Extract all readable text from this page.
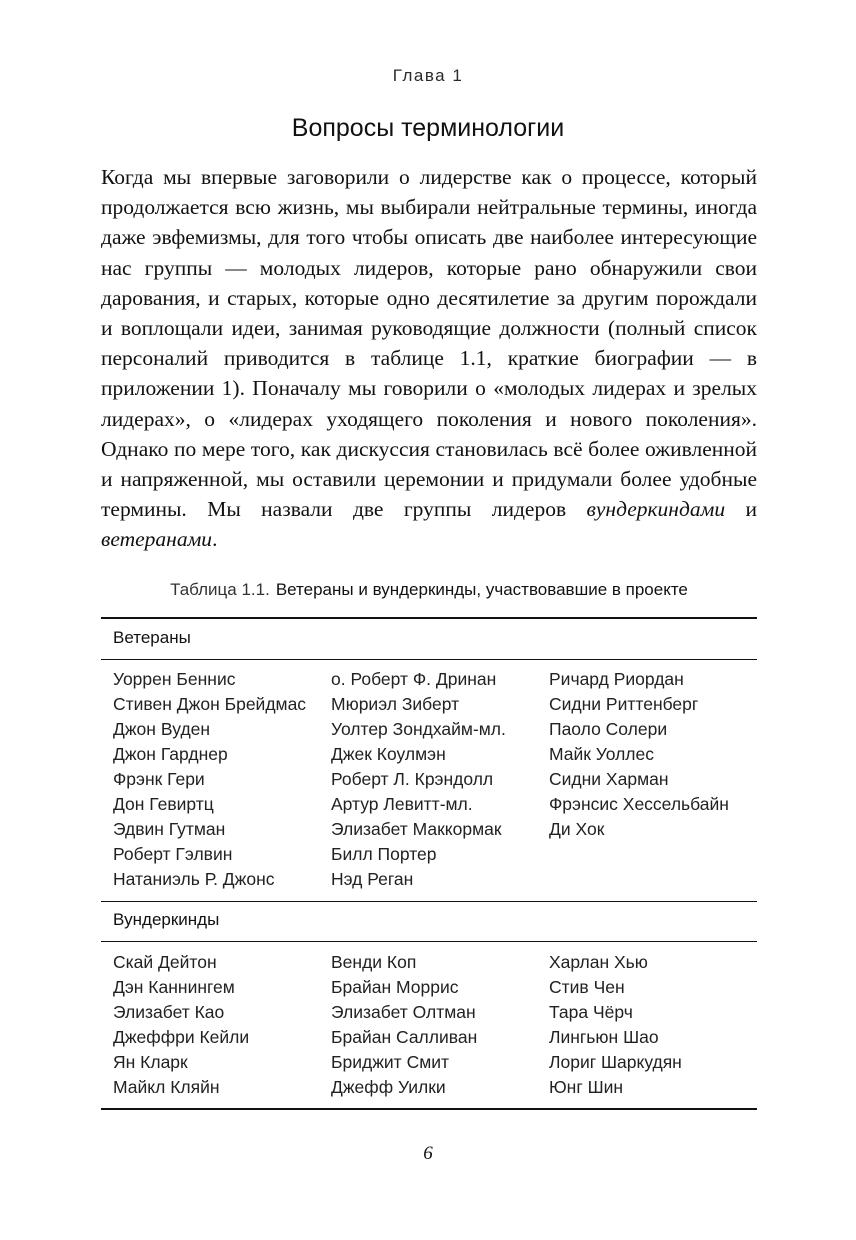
Глава 1
Вопросы терминологии
Когда мы впервые заговорили о лидерстве как о процессе, который продолжается всю жизнь, мы выбирали нейтральные термины, иногда даже эвфемизмы, для того чтобы описать две наиболее интересующие нас группы — молодых лидеров, которые рано обнаружили свои дарования, и старых, которые одно десятилетие за другим порождали и воплощали идеи, занимая руководящие должности (полный список персоналий приводится в таблице 1.1, краткие биографии — в приложении 1). Поначалу мы говорили о «молодых лидерах и зрелых лидерах», о «лидерах уходящего поколения и нового поколения». Однако по мере того, как дискуссия становилась всё более оживленной и напряженной, мы оставили церемонии и придумали более удобные термины. Мы назвали две группы лидеров вундеркиндами и ветеранами.
Таблица 1.1. Ветераны и вундеркинды, участвовавшие в проекте
Ветераны
Уоррен Беннис
Стивен Джон Брейдмас
Джон Вуден
Джон Гарднер
Фрэнк Гери
Дон Гевиртц
Эдвин Гутман
Роберт Гэлвин
Натаниэль Р. Джонс
о. Роберт Ф. Дринан
Мюриэл Зиберт
Уолтер Зондхайм-мл.
Джек Коулмэн
Роберт Л. Крэндолл
Артур Левитт-мл.
Элизабет Маккормак
Билл Портер
Нэд Реган
Ричард Риордан
Сидни Риттенберг
Паоло Солери
Майк Уоллес
Сидни Харман
Фрэнсис Хессельбайн
Ди Хок
Вундеркинды
Скай Дейтон
Дэн Каннингем
Элизабет Као
Джеффри Кейли
Ян Кларк
Майкл Кляйн
Венди Коп
Брайан Моррис
Элизабет Олтман
Брайан Салливан
Бриджит Смит
Джефф Уилки
Харлан Хью
Стив Чен
Тара Чёрч
Лингьюн Шао
Лориг Шаркудян
Юнг Шин
6
